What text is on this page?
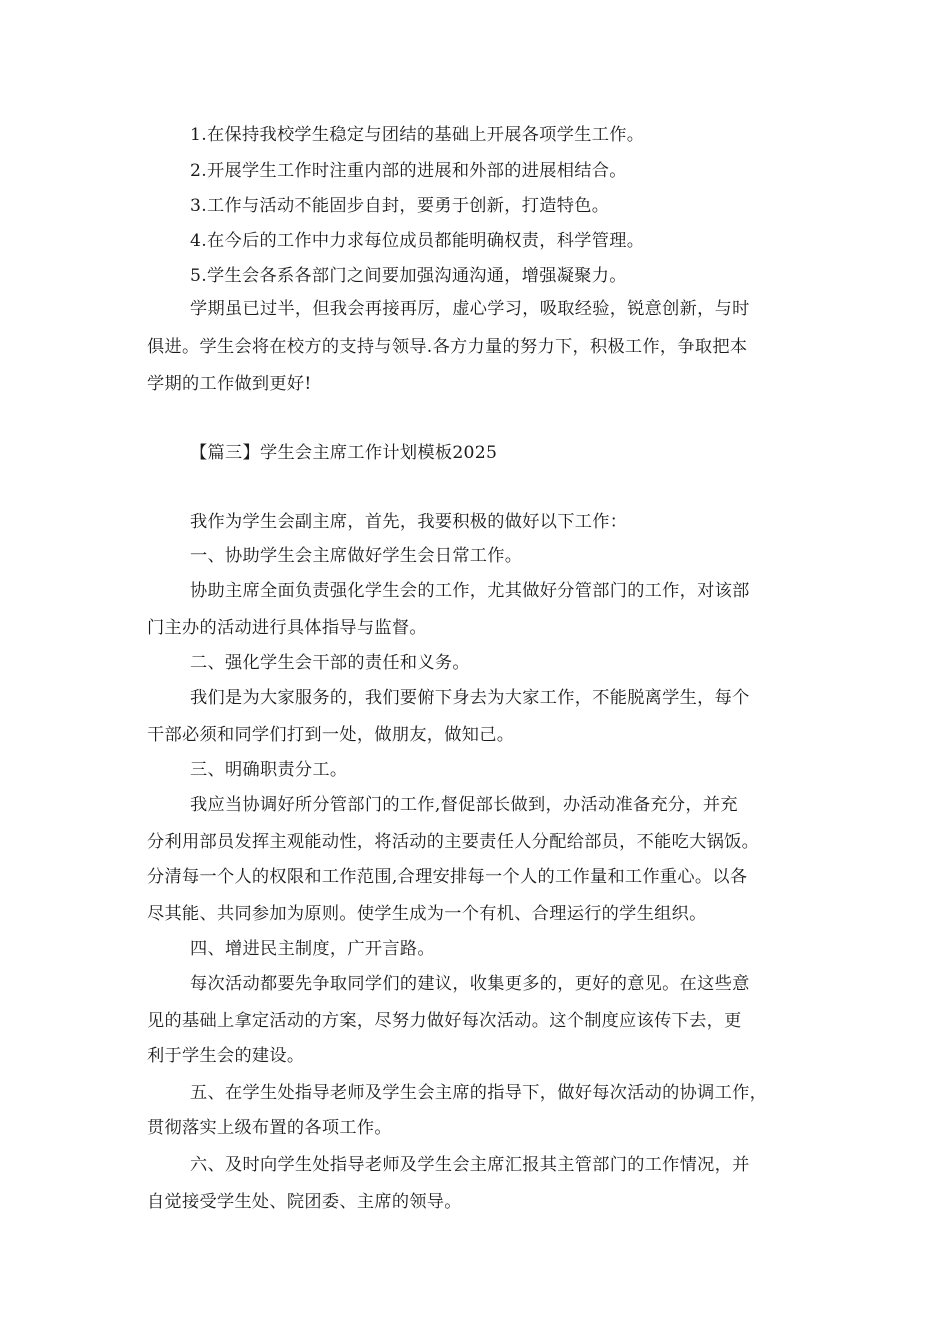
1.在保持我校学生稳定与团结的基础上开展各项学生工作。
2.开展学生工作时注重内部的进展和外部的进展相结合。
3.工作与活动不能固步自封，要勇于创新，打造特色。
4.在今后的工作中力求每位成员都能明确权责，科学管理。
5.学生会各系各部门之间要加强沟通沟通，增强凝聚力。
学期虽已过半，但我会再接再厉，虚心学习，吸取经验，锐意创新，与时
俱进。学生会将在校方的支持与领导.各方力量的努力下，积极工作，争取把本
学期的工作做到更好!
【篇三】学生会主席工作计划模板2025
我作为学生会副主席，首先，我要积极的做好以下工作：
一、协助学生会主席做好学生会日常工作。
协助主席全面负责强化学生会的工作，尤其做好分管部门的工作，对该部
门主办的活动进行具体指导与监督。
二、强化学生会干部的责任和义务。
我们是为大家服务的，我们要俯下身去为大家工作，不能脱离学生，每个
干部必须和同学们打到一处，做朋友，做知己。
三、明确职责分工。
我应当协调好所分管部门的工作,督促部长做到，办活动准备充分，并充
分利用部员发挥主观能动性，将活动的主要责任人分配给部员，不能吃大锅饭。
分清每一个人的权限和工作范围,合理安排每一个人的工作量和工作重心。以各
尽其能、共同参加为原则。使学生成为一个有机、合理运行的学生组织。
四、增进民主制度，广开言路。
每次活动都要先争取同学们的建议，收集更多的，更好的意见。在这些意
见的基础上拿定活动的方案，尽努力做好每次活动。这个制度应该传下去，更
利于学生会的建设。
五、在学生处指导老师及学生会主席的指导下，做好每次活动的协调工作，
贯彻落实上级布置的各项工作。
六、及时向学生处指导老师及学生会主席汇报其主管部门的工作情况，并
自觉接受学生处、院团委、主席的领导。
